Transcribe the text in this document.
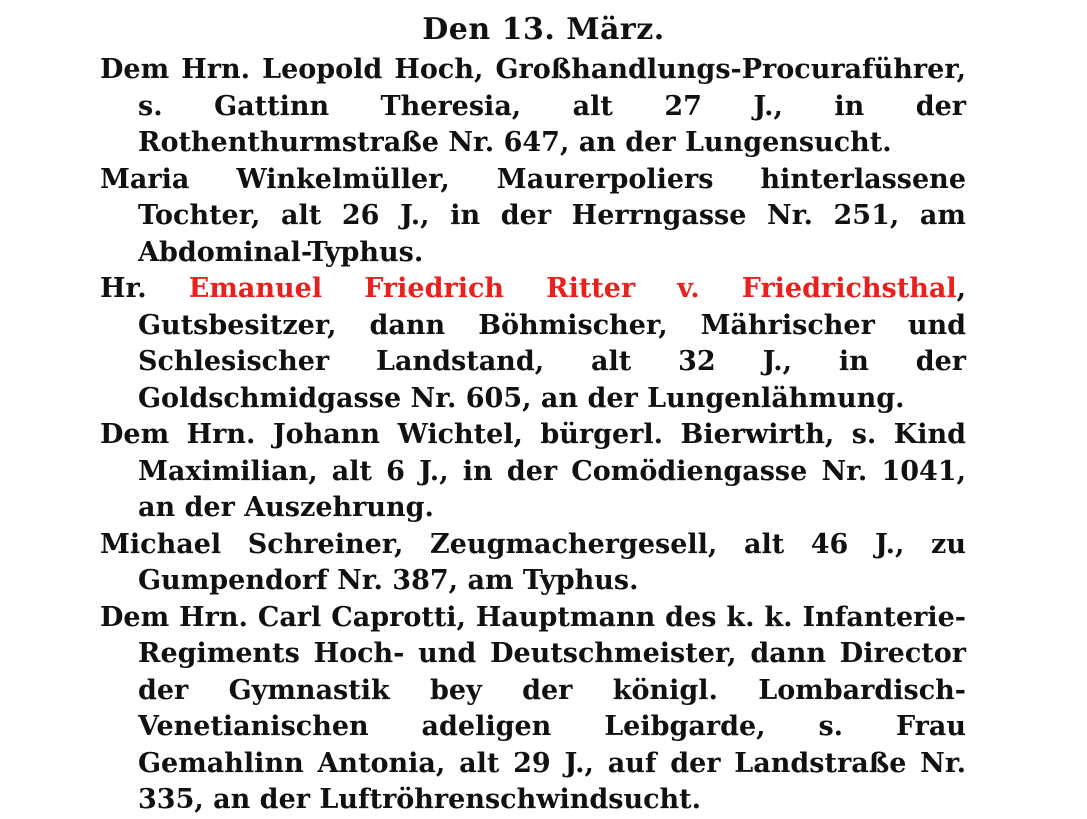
Den 13. März.

Dem Hrn. Leopold Hoch, Großhandlungs-Procuraführer, s. Gattinn Theresia, alt 27 J., in der Rothenthurmstraße Nr. 647, an der Lungensucht.

Maria Winkelmüller, Maurerpoliers hinterlassene Tochter, alt 26 J., in der Herrngasse Nr. 251, am Abdominal-Typhus.

Hr. Emanuel Friedrich Ritter v. Friedrichsthal, Gutsbesitzer, dann Böhmischer, Mährischer und Schlesischer Landstand, alt 32 J., in der Goldschmidgasse Nr. 605, an der Lungenlähmung.

Dem Hrn. Johann Wichtel, bürgerl. Bierwirth, s. Kind Maximilian, alt 6 J., in der Comödiengasse Nr. 1041, an der Auszehrung.

Michael Schreiner, Zeugmachergesell, alt 46 J., zu Gumpendorf Nr. 387, am Typhus.

Dem Hrn. Carl Caprotti, Hauptmann des k. k. Infanterie-Regiments Hoch- und Deutschmeister, dann Director der Gymnastik bey der königl. Lombardisch-Venetianischen adeligen Leibgarde, s. Frau Gemahlinn Antonia, alt 29 J., auf der Landstraße Nr. 335, an der Luftröhrenschwindsucht.
